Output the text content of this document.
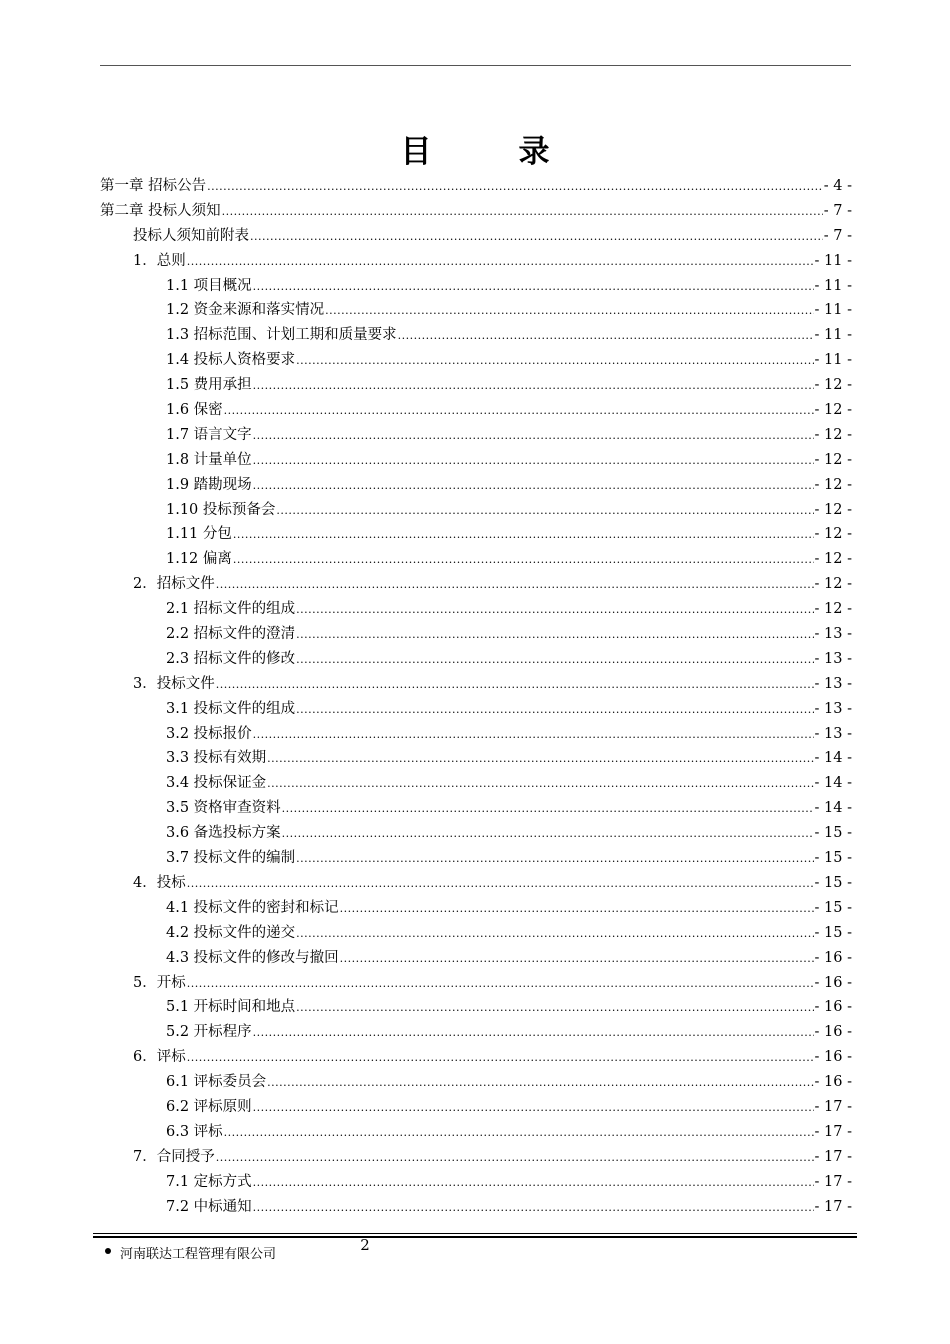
目　录
第一章 招标公告 .....	- 4 -
第二章 投标人须知 .....	- 7 -
投标人须知前附表 .....	- 7 -
1．总则 .....	- 11 -
1.1 项目概况 .....	- 11 -
1.2 资金来源和落实情况 .....	- 11 -
1.3 招标范围、计划工期和质量要求 .....	- 11 -
1.4 投标人资格要求 .....	- 11 -
1.5 费用承担 .....	- 12 -
1.6 保密 .....	- 12 -
1.7 语言文字 .....	- 12 -
1.8 计量单位 .....	- 12 -
1.9 踏勘现场 .....	- 12 -
1.10 投标预备会 .....	- 12 -
1.11 分包 .....	- 12 -
1.12 偏离 .....	- 12 -
2．招标文件 .....	- 12 -
2.1 招标文件的组成 .....	- 12 -
2.2 招标文件的澄清 .....	- 13 -
2.3 招标文件的修改 .....	- 13 -
3．投标文件 .....	- 13 -
3.1 投标文件的组成 .....	- 13 -
3.2 投标报价 .....	- 13 -
3.3 投标有效期 .....	- 14 -
3.4 投标保证金 .....	- 14 -
3.5 资格审查资料 .....	- 14 -
3.6 备选投标方案 .....	- 15 -
3.7 投标文件的编制 .....	- 15 -
4．投标 .....	- 15 -
4.1 投标文件的密封和标记 .....	- 15 -
4.2 投标文件的递交 .....	- 15 -
4.3 投标文件的修改与撤回 .....	- 16 -
5．开标 .....	- 16 -
5.1 开标时间和地点 .....	- 16 -
5.2 开标程序 .....	- 16 -
6．评标 .....	- 16 -
6.1 评标委员会 .....	- 16 -
6.2 评标原则 .....	- 17 -
6.3 评标 .....	- 17 -
7．合同授予 .....	- 17 -
7.1 定标方式 .....	- 17 -
7.2 中标通知 .....	- 17 -
2
河南联达工程管理有限公司
